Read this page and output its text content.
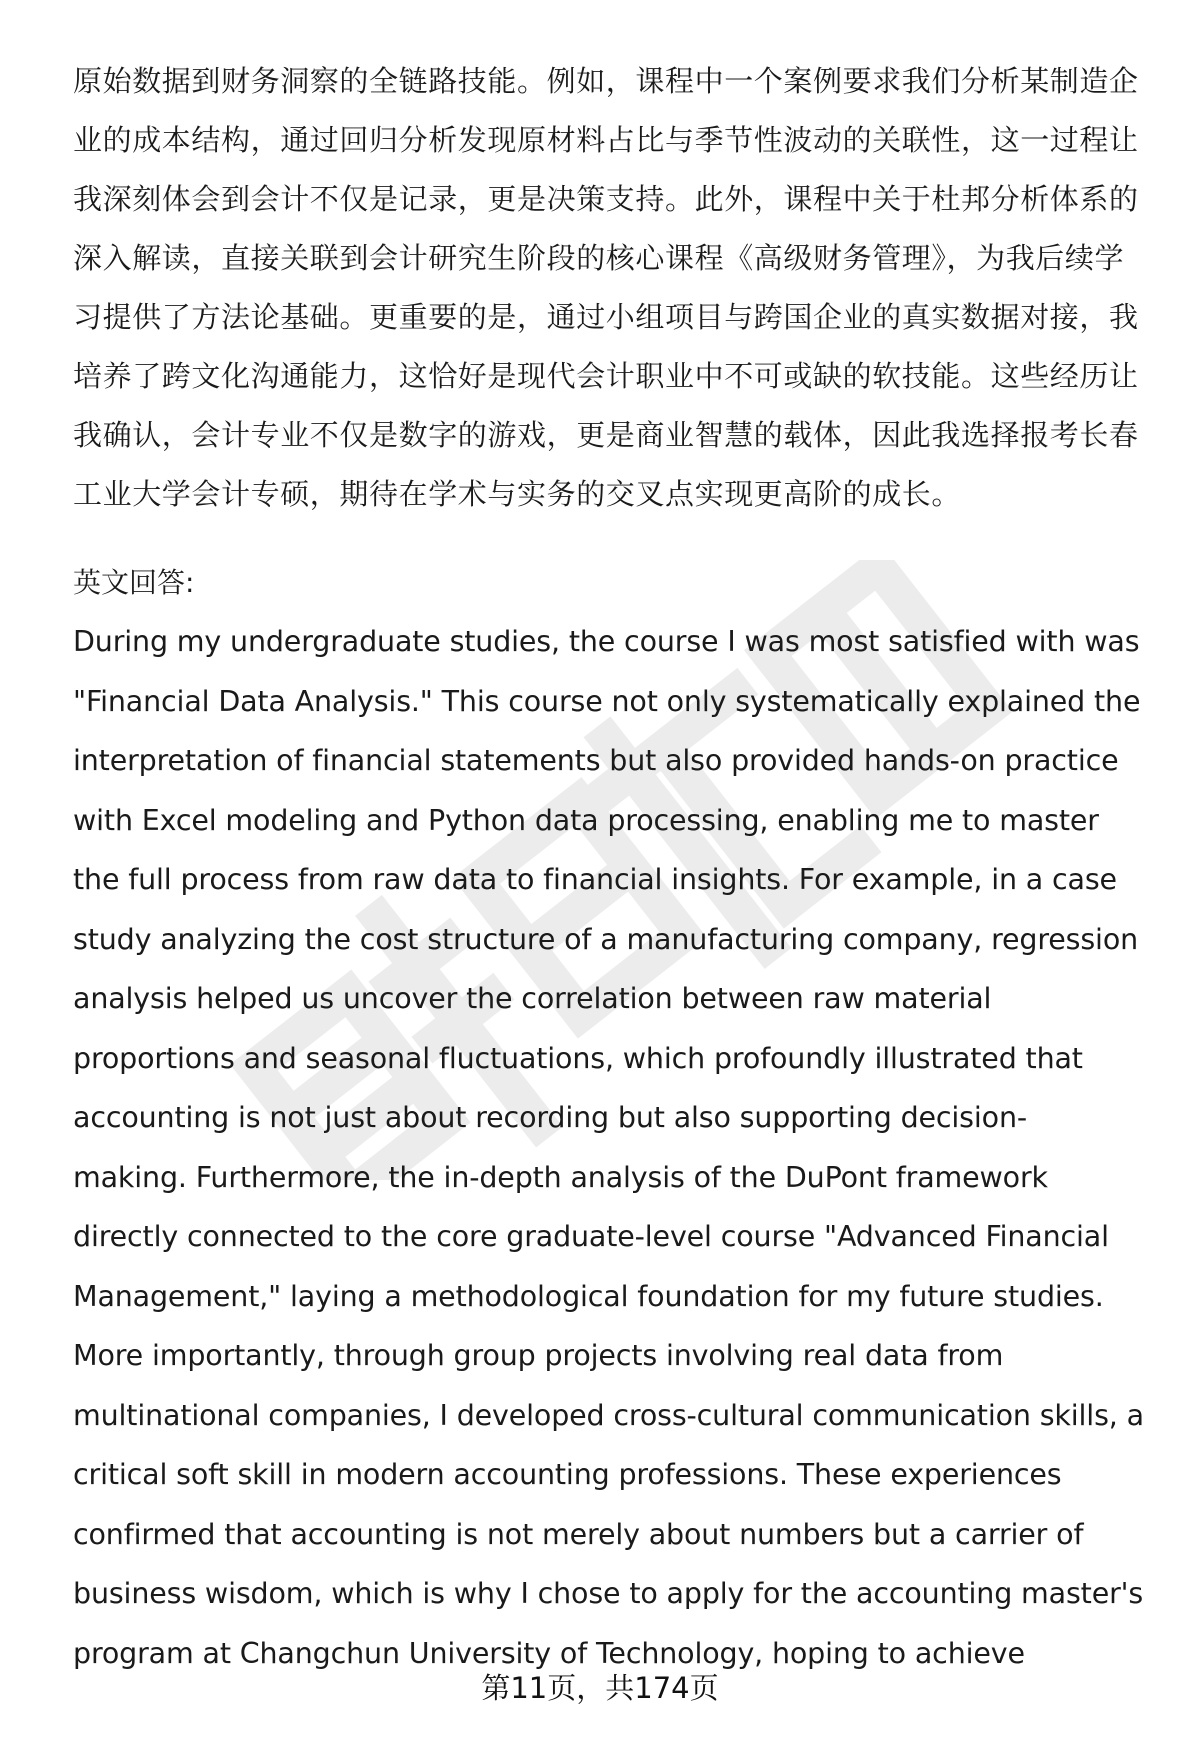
原始数据到财务洞察的全链路技能。例如，课程中一个案例要求我们分析某制造企
业的成本结构，通过回归分析发现原材料占比与季节性波动的关联性，这一过程让
我深刻体会到会计不仅是记录，更是决策支持。此外，课程中关于杜邦分析体系的
深入解读，直接关联到会计研究生阶段的核心课程《高级财务管理》，为我后续学
习提供了方法论基础。更重要的是，通过小组项目与跨国企业的真实数据对接，我
培养了跨文化沟通能力，这恰好是现代会计职业中不可或缺的软技能。这些经历让
我确认，会计专业不仅是数字的游戏，更是商业智慧的载体，因此我选择报考长春
工业大学会计专硕，期待在学术与实务的交叉点实现更高阶的成长。
英文回答:
During my undergraduate studies, the course I was most satisfied with was
"Financial Data Analysis." This course not only systematically explained the
interpretation of financial statements but also provided hands-on practice
with Excel modeling and Python data processing, enabling me to master
the full process from raw data to financial insights. For example, in a case
study analyzing the cost structure of a manufacturing company, regression
analysis helped us uncover the correlation between raw material
proportions and seasonal fluctuations, which profoundly illustrated that
accounting is not just about recording but also supporting decision-
making. Furthermore, the in-depth analysis of the DuPont framework
directly connected to the core graduate-level course "Advanced Financial
Management," laying a methodological foundation for my future studies.
More importantly, through group projects involving real data from
multinational companies, I developed cross-cultural communication skills, a
critical soft skill in modern accounting professions. These experiences
confirmed that accounting is not merely about numbers but a carrier of
business wisdom, which is why I chose to apply for the accounting master's
program at Changchun University of Technology, hoping to achieve
第11页，共174页
